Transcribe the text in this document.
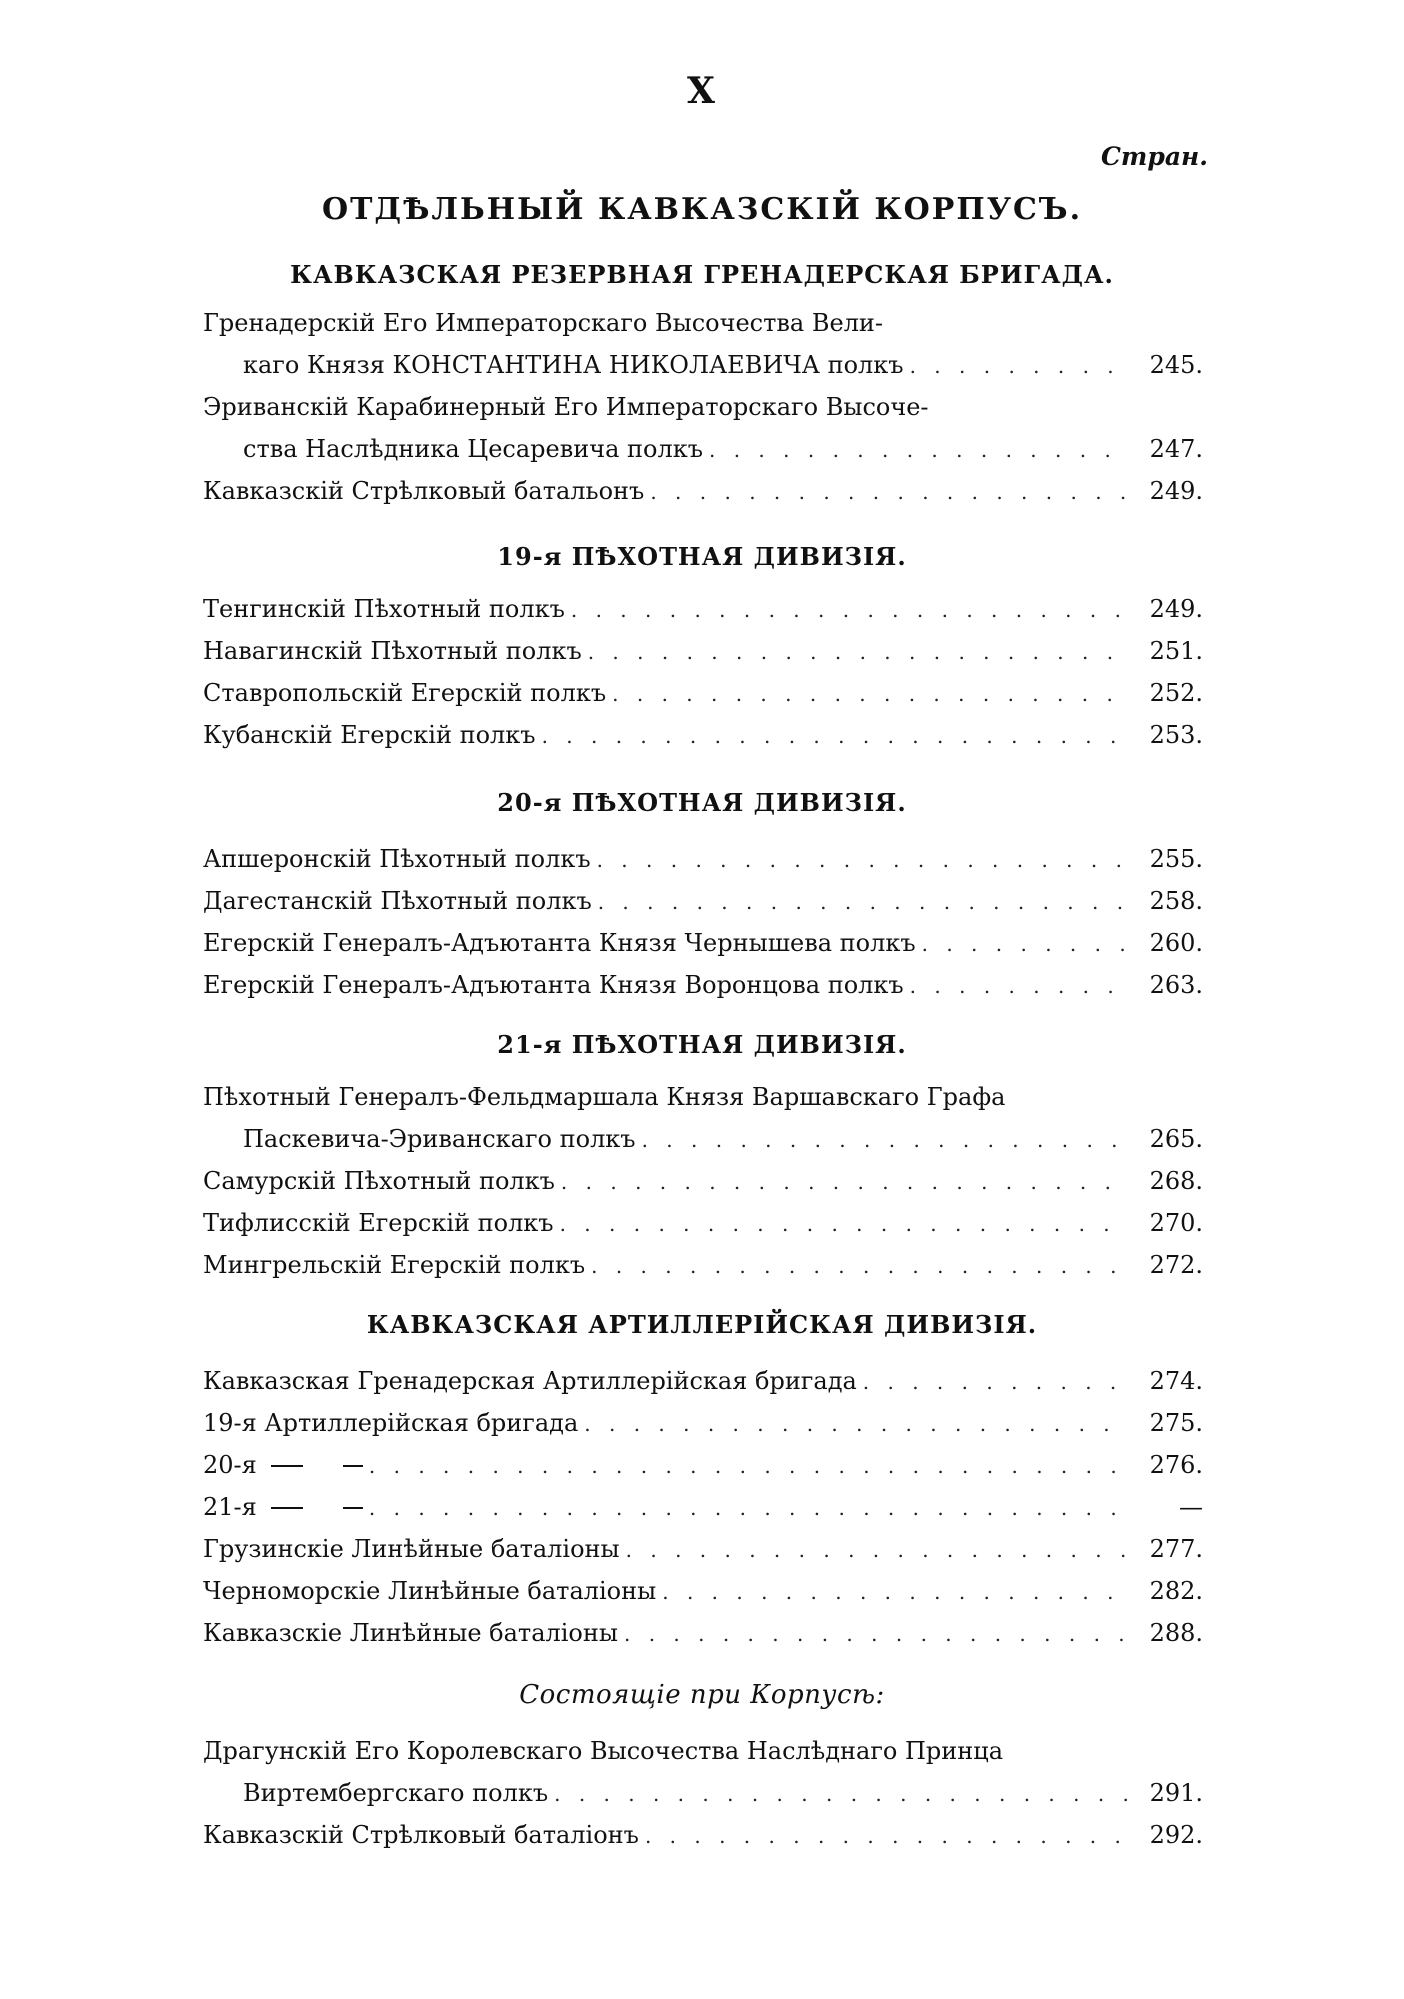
X
Стран.
ОТДѢЛЬНЫЙ КАВКАЗСКІЙ КОРПУСЪ.
КАВКАЗСКАЯ РЕЗЕРВНАЯ ГРЕНАДЕРСКАЯ БРИГАДА.
Гренадерскій Его Императорскаго Высочества Вели-
каго Князя КОНСТАНТИНА НИКОЛАЕВИЧА полкъ . . .	245.
Эриванскій Карабинерный Его Императорскаго Высоче-
ства Наслѣдника Цесаревича полкъ . . .	247.
Кавказскій Стрѣлковый батальонъ . . .	249.
19-я ПѢХОТНАЯ ДИВИЗІЯ.
Тенгинскій Пѣхотный полкъ . . .	249.
Навагинскій Пѣхотный полкъ . . .	251.
Ставропольскій Егерскій полкъ . . .	252.
Кубанскій Егерскій полкъ . . .	253.
20-я ПѢХОТНАЯ ДИВИЗІЯ.
Апшеронскій Пѣхотный полкъ . . .	255.
Дагестанскій Пѣхотный полкъ . . .	258.
Егерскій Генералъ-Адъютанта Князя Чернышева полкъ . . .	260.
Егерскій Генералъ-Адъютанта Князя Воронцова полкъ . . .	263.
21-я ПѢХОТНАЯ ДИВИЗІЯ.
Пѣхотный Генералъ-Фельдмаршала Князя Варшавскаго Графа
Паскевича-Эриванскаго полкъ . . .	265.
Самурскій Пѣхотный полкъ . . .	268.
Тифлисскій Егерскій полкъ . . .	270.
Мингрельскій Егерскій полкъ . . .	272.
КАВКАЗСКАЯ АРТИЛЛЕРІЙСКАЯ ДИВИЗІЯ.
Кавказская Гренадерская Артиллерійская бригада . . .	274.
19-я Артиллерійская бригада . . .	275.
20-я . . .	276.
21-я . . .	—
Грузинскіе Линѣйные баталіоны . . .	277.
Черноморскіе Линѣйные баталіоны . . .	282.
Кавказскіе Линѣйные баталіоны . . .	288.
Состоящіе при Корпусѣ:
Драгунскій Его Королевскаго Высочества Наслѣднаго Принца
Виртембергскаго полкъ . . .	291.
Кавказскій Стрѣлковый баталіонъ . . .	292.
